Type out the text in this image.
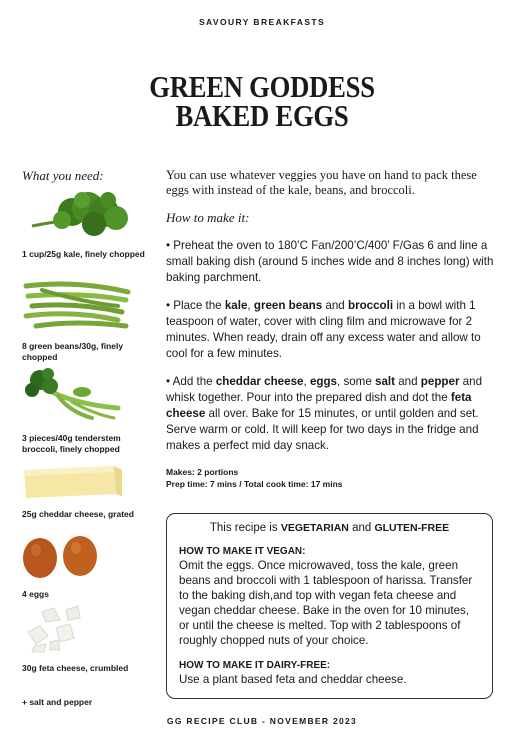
SAVOURY BREAKFASTS
GREEN GODDESS
BAKED EGGS
What you need:
1 cup/25g kale, finely chopped
8 green beans/30g, finely chopped
3 pieces/40g tenderstem broccoli, finely chopped
25g cheddar cheese, grated
4 eggs
30g feta cheese, crumbled
+ salt and pepper

You can use whatever veggies you have on hand to pack these eggs with instead of the kale, beans, and broccoli.

How to make it:

• Preheat the oven to 180’C Fan/200’C/400’ F/Gas 6 and line a small baking dish (around 5 inches wide and 8 inches long) with baking parchment.

• Place the kale, green beans and broccoli in a bowl with 1 teaspoon of water, cover with cling film and microwave for 2 minutes. When ready, drain off any excess water and allow to cool for a few minutes.

• Add the cheddar cheese, eggs, some salt and pepper and whisk together. Pour into the prepared dish and dot the feta cheese all over. Bake for 15 minutes, or until golden and set. Serve warm or cold. It will keep for two days in the fridge and makes a perfect mid day snack.

Makes: 2 portions
Prep time: 7 mins / Total cook time: 17 mins
This recipe is VEGETARIAN and GLUTEN-FREE
HOW TO MAKE IT VEGAN:
Omit the eggs. Once microwaved, toss the kale, green beans and broccoli with 1 tablespoon of harissa. Transfer to the baking dish,and top with vegan feta cheese and vegan cheddar cheese. Bake in the oven for 10 minutes, or until the cheese is melted. Top with 2 tablespoons of roughly chopped nuts of your choice.
HOW TO MAKE IT DAIRY-FREE:
Use a plant based feta and cheddar cheese.
GG RECIPE CLUB - NOVEMBER 2023
